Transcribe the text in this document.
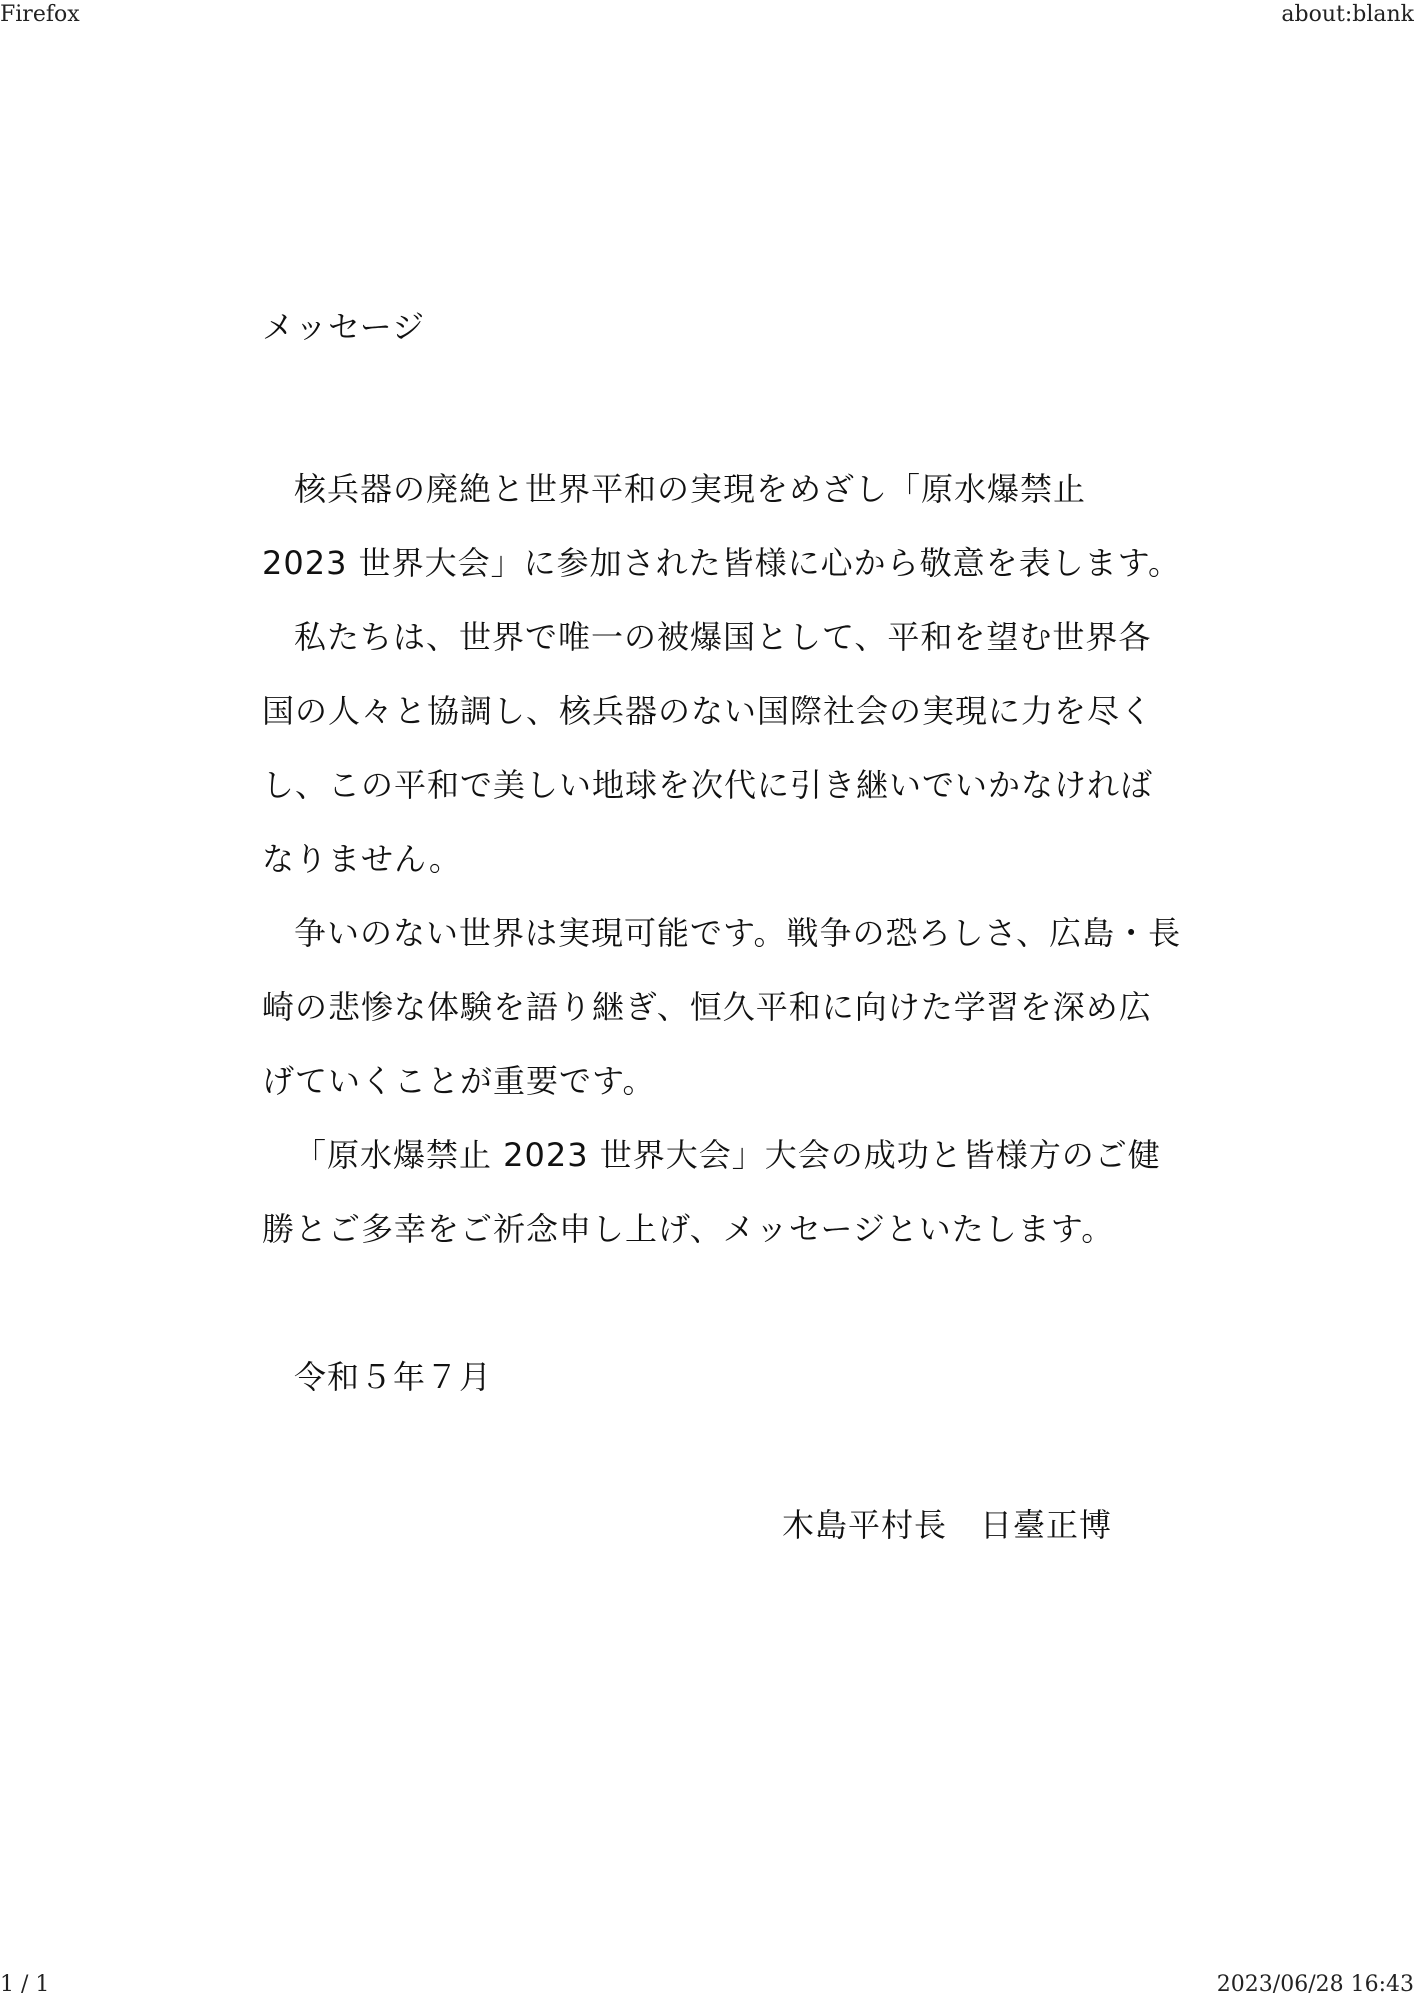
Firefox	about:blank
メッセージ

核兵器の廃絶と世界平和の実現をめざし「原水爆禁止 2023 世界大会」に参加された皆様に心から敬意を表します。

私たちは、世界で唯一の被爆国として、平和を望む世界各国の人々と協調し、核兵器のない国際社会の実現に力を尽くし、この平和で美しい地球を次代に引き継いでいかなければなりません。

争いのない世界は実現可能です。戦争の恐ろしさ、広島・長崎の悲惨な体験を語り継ぎ、恒久平和に向けた学習を深め広げていくことが重要です。

「原水爆禁止 2023 世界大会」大会の成功と皆様方のご健勝とご多幸をご祈念申し上げ、メッセージといたします。

令和５年７月
木島平村長　日臺正博
1 / 1	2023/06/28 16:43
